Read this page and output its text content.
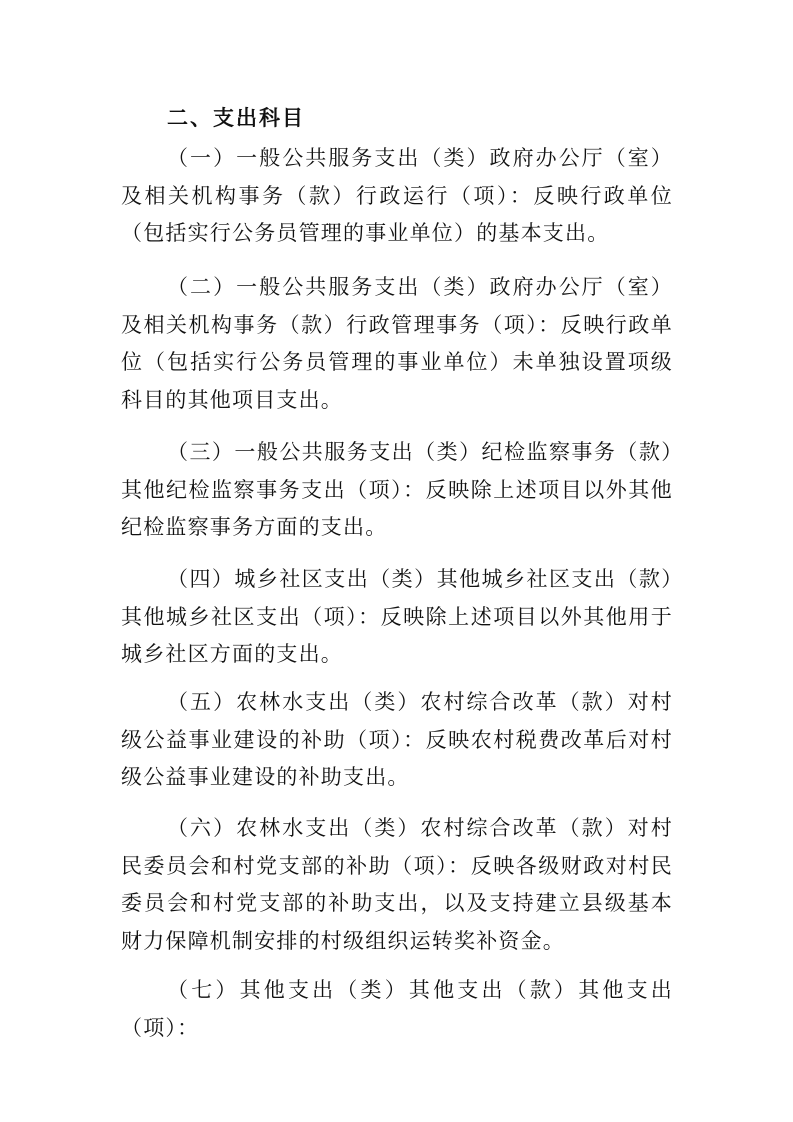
二、支出科目
（一）一般公共服务支出（类）政府办公厅（室）及相关机构事务（款）行政运行（项）：反映行政单位（包括实行公务员管理的事业单位）的基本支出。
（二）一般公共服务支出（类）政府办公厅（室）及相关机构事务（款）行政管理事务（项）：反映行政单位（包括实行公务员管理的事业单位）未单独设置项级科目的其他项目支出。
（三）一般公共服务支出（类）纪检监察事务（款）其他纪检监察事务支出（项）：反映除上述项目以外其他纪检监察事务方面的支出。
（四）城乡社区支出（类）其他城乡社区支出（款）其他城乡社区支出（项）：反映除上述项目以外其他用于城乡社区方面的支出。
（五）农林水支出（类）农村综合改革（款）对村级公益事业建设的补助（项）：反映农村税费改革后对村级公益事业建设的补助支出。
（六）农林水支出（类）农村综合改革（款）对村民委员会和村党支部的补助（项）：反映各级财政对村民委员会和村党支部的补助支出，以及支持建立县级基本财力保障机制安排的村级组织运转奖补资金。
（七）其他支出（类）其他支出（款）其他支出（项）：
